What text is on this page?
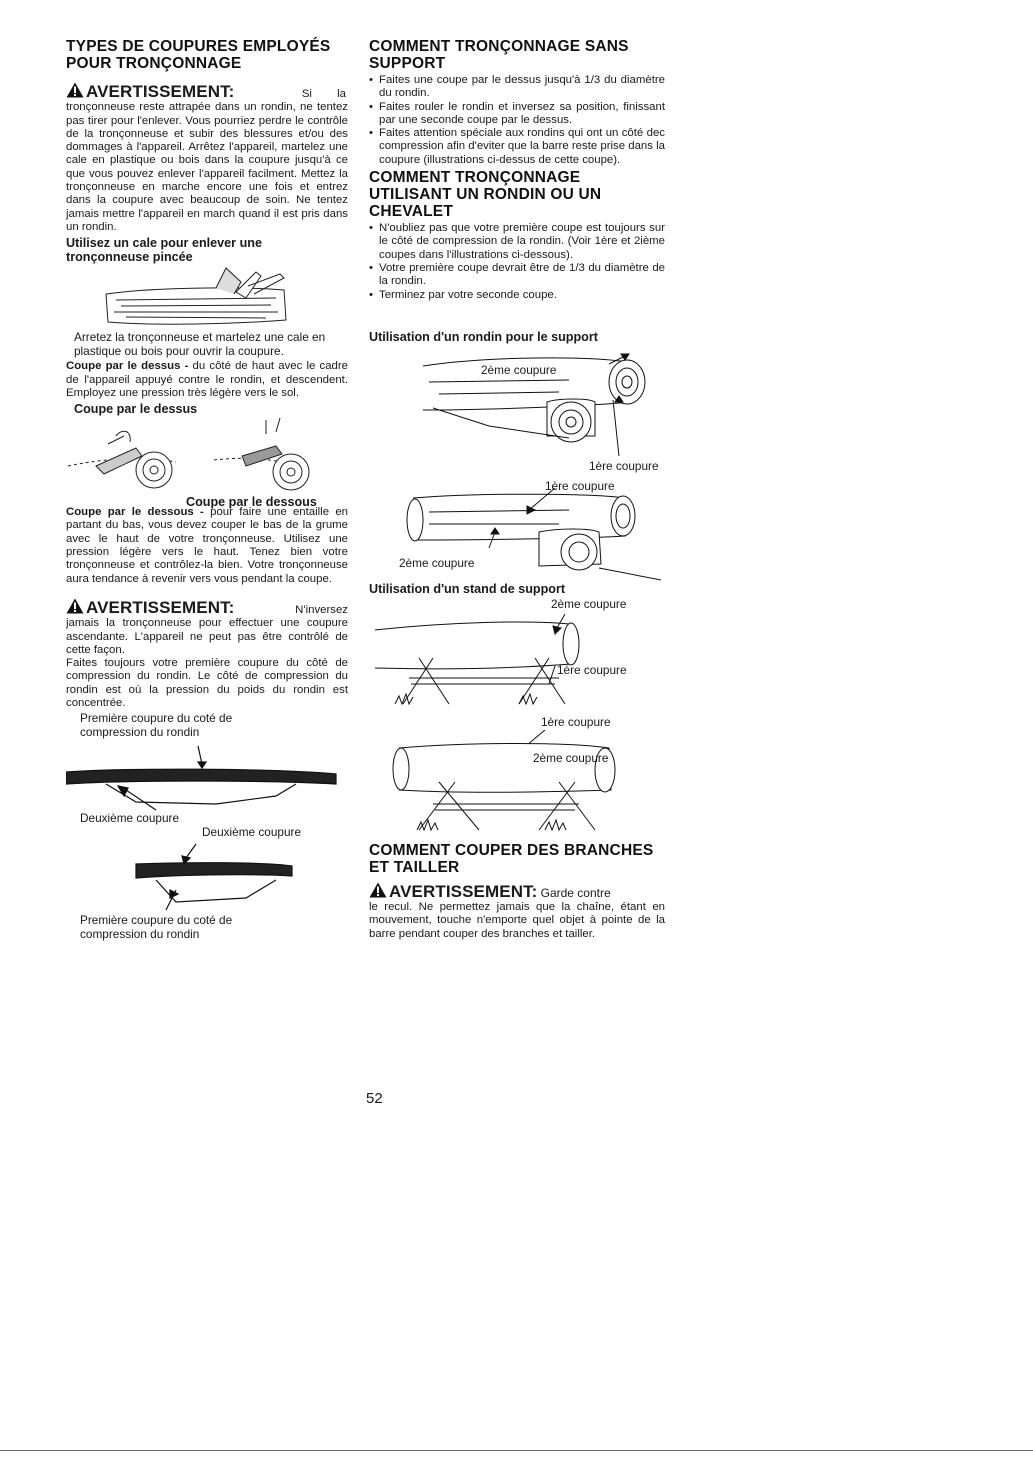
TYPES DE COUPURES EMPLOYÉS POUR TRONÇONNAGE
AVERTISSEMENT:	Si la

tronçonneuse reste attrapée dans un rondin, ne tentez pas tirer pour l'enlever. Vous pourriez perdre le contrôle de la tronçonneuse et subir des blessures et/ou des dommages à l'appareil. Arrêtez l'appareil, martelez une cale en plastique ou bois dans la coupure jusqu'à ce que vous pouvez enlever l'appareil facilment. Mettez la tronçonneuse en marche encore une fois et entrez dans la coupure avec beaucoup de soin. Ne tentez jamais mettre l'appareil en march quand il est pris dans un rondin.

Utilisez un cale pour enlever une tronçonneuse pincée

Arretez la tronçonneuse et martelez une cale en plastique ou bois pour ouvrir la coupure.

Coupe par le dessus - du côté de haut avec le cadre de l'appareil appuyé contre le rondin, et descendent. Employez une pression très légère vers le sol.

Coupe par le dessus
Coupe par le dessous

Coupe par le dessous - pour faire une entaille en partant du bas, vous devez couper le bas de la grume avec le haut de votre tronçonneuse. Utilisez une pression légère vers le haut. Tenez bien votre tronçonneuse et contrôlez-la bien. Votre tronçonneuse aura tendance à revenir vers vous pendant la coupe.

AVERTISSEMENT:	N'inversez

jamais la tronçonneuse pour effectuer une coupure ascendante. L'appareil ne peut pas être contrôlé de cette façon.

Faites toujours votre première coupure du côté de compression du rondin. Le côté de compression du rondin est où la pression du poids du rondin est concentrée.

Première coupure du coté de compression du rondin
Deuxième coupure
Deuxième coupure
Première coupure du coté de compression du rondin
COMMENT TRONÇONNAGE SANS SUPPORT
• Faites une coupe par le dessus jusqu'à 1/3 du diamètre du rondin.
• Faites rouler le rondin et inversez sa position, finissant par une seconde coupe par le dessus.
• Faites attention spéciale aux rondins qui ont un côté dec compression afin d'eviter que la barre reste prise dans la coupure (illustrations ci-dessus de cette coupe).
COMMENT TRONÇONNAGE UTILISANT UN RONDIN OU UN CHEVALET
• N'oubliez pas que votre première coupe est toujours sur le côté de compression de la rondin. (Voir 1ère et 2ième coupes dans l'illustrations ci-dessous).
• Votre première coupe devrait être de 1/3 du diamètre de la rondin.
• Terminez par votre seconde coupe.
Utilisation d'un rondin pour le support
2ème coupure
1ère coupure
1ère coupure
2ème coupure
Utilisation d'un stand de support
2ème coupure
1ère coupure
1ère coupure
2ème coupure
COMMENT COUPER DES BRANCHES ET TAILLER
AVERTISSEMENT: Garde contre

le recul. Ne permettez jamais que la chaîne, étant en mouvement, touche n'emporte quel objet à pointe de la barre pendant couper des branches et tailler.

52
